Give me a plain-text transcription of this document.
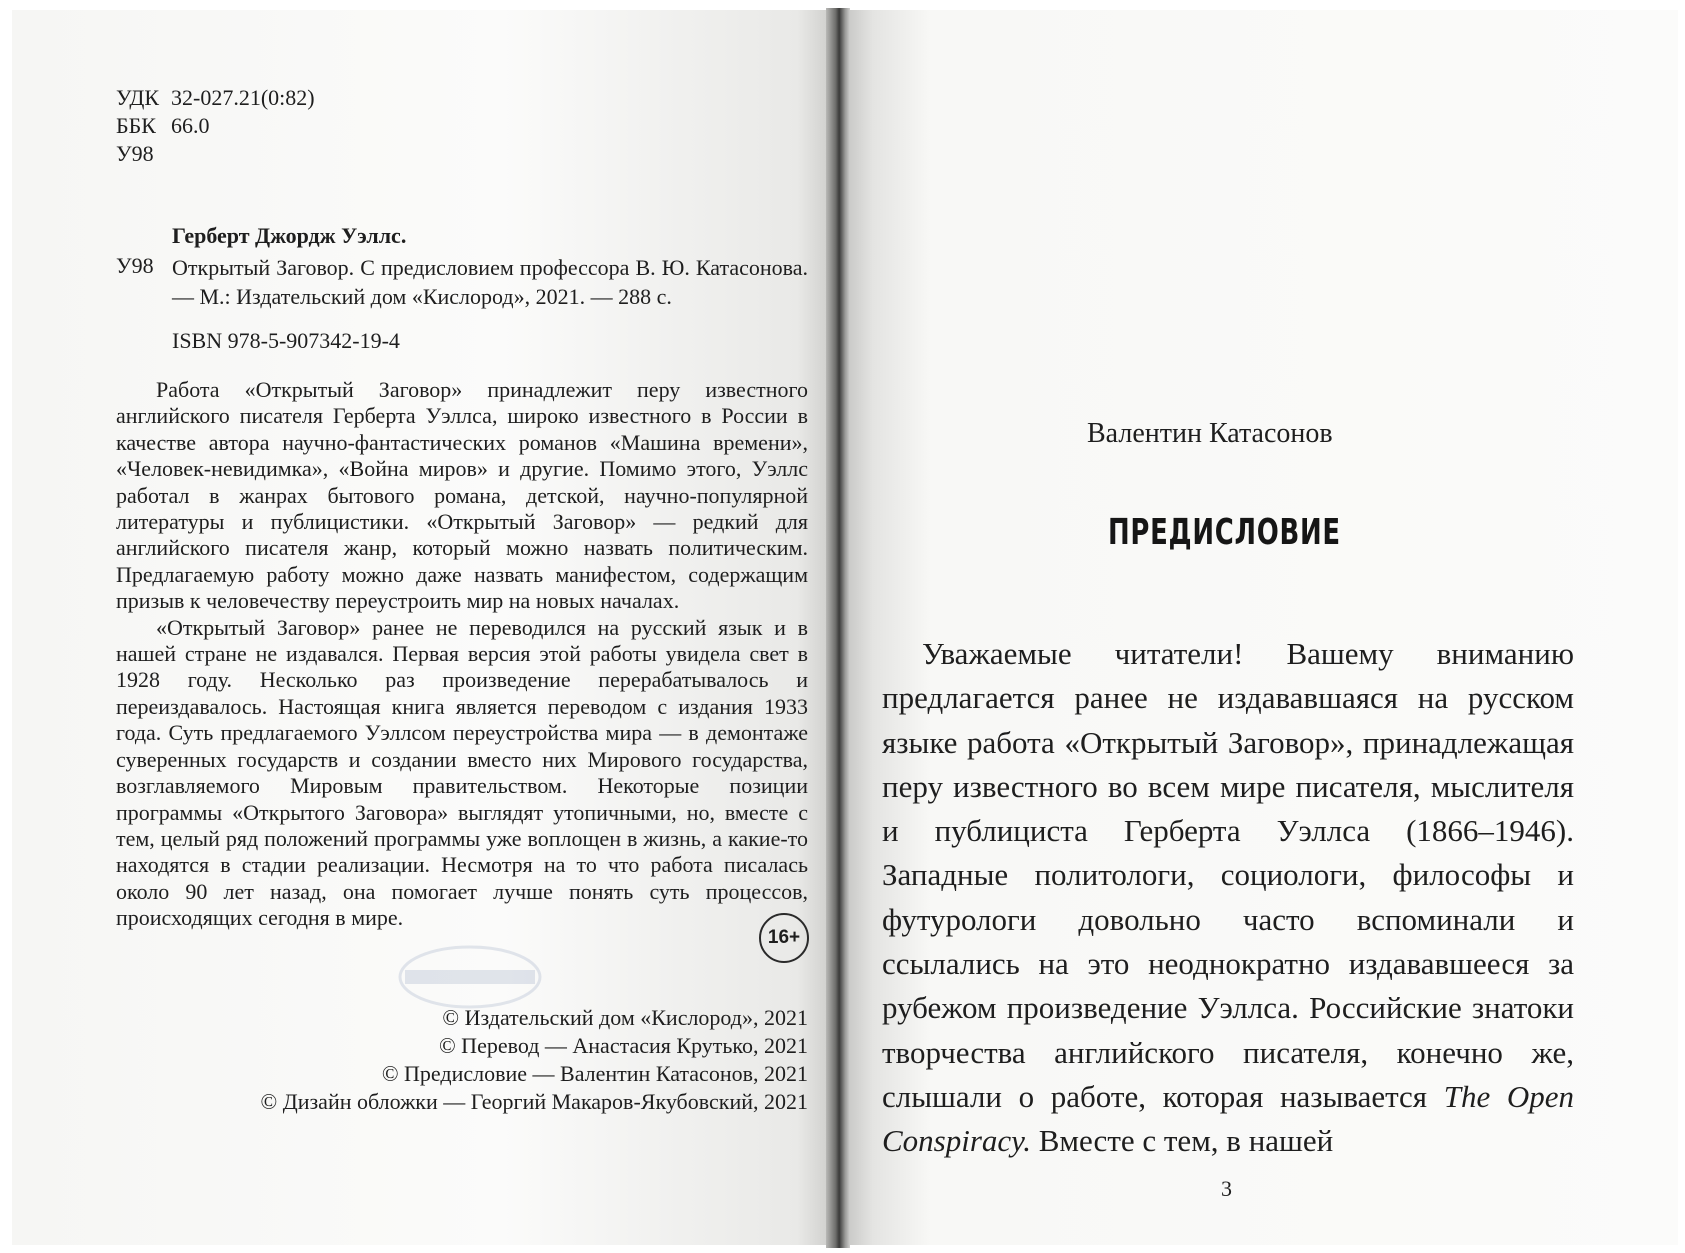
УДК 32-027.21(0:82)
ББК 66.0
У98
Герберт Джордж Уэллс.
У98 Открытый Заговор. С предисловием профессора В. Ю. Катасонова. — М.: Издательский дом «Кислород», 2021. — 288 с.
ISBN 978-5-907342-19-4

Работа «Открытый Заговор» принадлежит перу известного английского писателя Герберта Уэллса, широко известного в России в качестве автора научно-фантастических романов «Машина времени», «Человек-невидимка», «Война миров» и другие. Помимо этого, Уэллс работал в жанрах бытового романа, детской, научно-популярной литературы и публицистики. «Открытый Заговор» — редкий для английского писателя жанр, который можно назвать политическим. Предлагаемую работу можно даже назвать манифестом, содержащим призыв к человечеству переустроить мир на новых началах.

«Открытый Заговор» ранее не переводился на русский язык и в нашей стране не издавался. Первая версия этой работы увидела свет в 1928 году. Несколько раз произведение перерабатывалось и переиздавалось. Настоящая книга является переводом с издания 1933 года. Суть предлагаемого Уэллсом переустройства мира — в демонтаже суверенных государств и создании вместо них Мирового государства, возглавляемого Мировым правительством. Некоторые позиции программы «Открытого Заговора» выглядят утопичными, но, вместе с тем, целый ряд положений программы уже воплощен в жизнь, а какие-то находятся в стадии реализации. Несмотря на то что работа писалась около 90 лет назад, она помогает лучше понять суть процессов, происходящих сегодня в мире.

16+
© Издательский дом «Кислород», 2021
© Перевод — Анастасия Крутько, 2021
© Предисловие — Валентин Катасонов, 2021
© Дизайн обложки — Георгий Макаров-Якубовский, 2021
Валентин Катасонов
ПРЕДИСЛОВИЕ

Уважаемые читатели! Вашему вниманию предлагается ранее не издававшаяся на русском языке работа «Открытый Заговор», принадлежащая перу известного во всем мире писателя, мыслителя и публициста Герберта Уэллса (1866–1946). Западные политологи, социологи, философы и футурологи довольно часто вспоминали и ссылались на это неоднократно издававшееся за рубежом произведение Уэллса. Российские знатоки творчества английского писателя, конечно же, слышали о работе, которая называется The Open Conspiracy. Вместе с тем, в нашей

3
